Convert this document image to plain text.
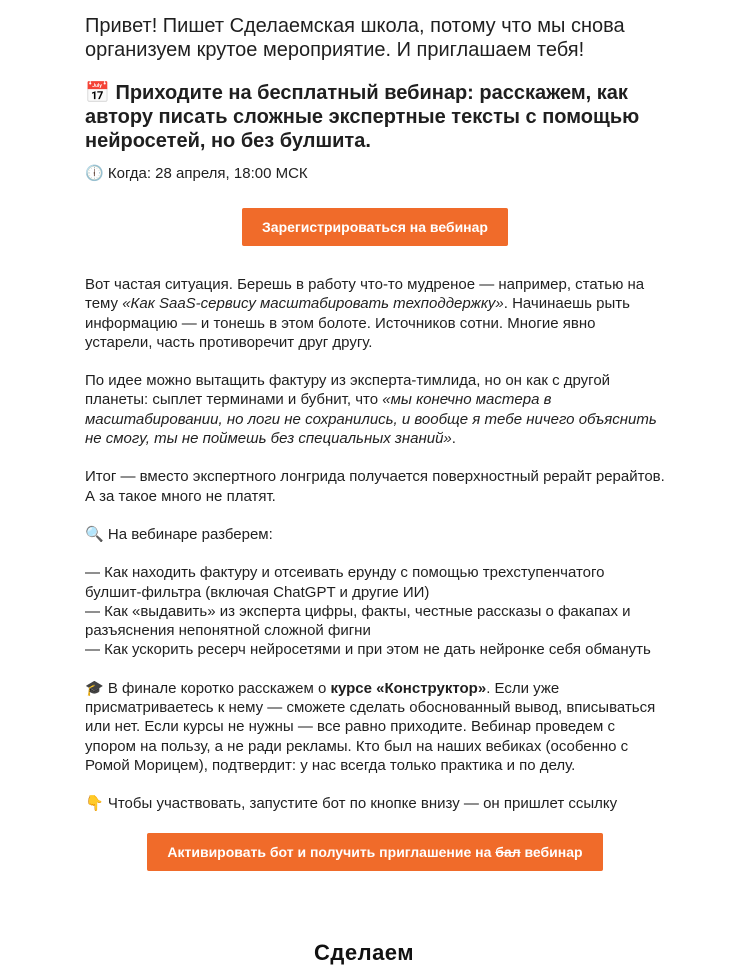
Привет! Пишет Сделаемская школа, потому что мы снова организуем крутое мероприятие. И приглашаем тебя!
📅 Приходите на бесплатный вебинар: расскажем, как автору писать сложные экспертные тексты с помощью нейросетей, но без булшита.
🕕 Когда: 28 апреля, 18:00 МСК
Зарегистрироваться на вебинар
Вот частая ситуация. Берешь в работу что-то мудреное — например, статью на тему «Как SaaS-сервису масштабировать техподдержку». Начинаешь рыть информацию — и тонешь в этом болоте. Источников сотни. Многие явно устарели, часть противоречит друг другу.
По идее можно вытащить фактуру из эксперта-тимлида, но он как с другой планеты: сыплет терминами и бубнит, что «мы конечно мастера в масштабировании, но логи не сохранились, и вообще я тебе ничего объяснить не смогу, ты не поймешь без специальных знаний».
Итог — вместо экспертного лонгрида получается поверхностный рерайт рерайтов. А за такое много не платят.
🔍 На вебинаре разберем:
— Как находить фактуру и отсеивать ерунду с помощью трехступенчатого булшит-фильтра (включая ChatGPT и другие ИИ)
— Как «выдавить» из эксперта цифры, факты, честные рассказы о факапах и разъяснения непонятной сложной фигни
— Как ускорить ресерч нейросетями и при этом не дать нейронке себя обмануть
🎓 В финале коротко расскажем о курсе «Конструктор». Если уже присматриваетесь к нему — сможете сделать обоснованный вывод, вписываться или нет. Если курсы не нужны — все равно приходите. Вебинар проведем с упором на пользу, а не ради рекламы. Кто был на наших вебиках (особенно с Ромой Морицем), подтвердит: у нас всегда только практика и по делу.
👇 Чтобы участвовать, запустите бот по кнопке внизу — он пришлет ссылку
Активировать бот и получить приглашение на бал вебинар
Сделаем
